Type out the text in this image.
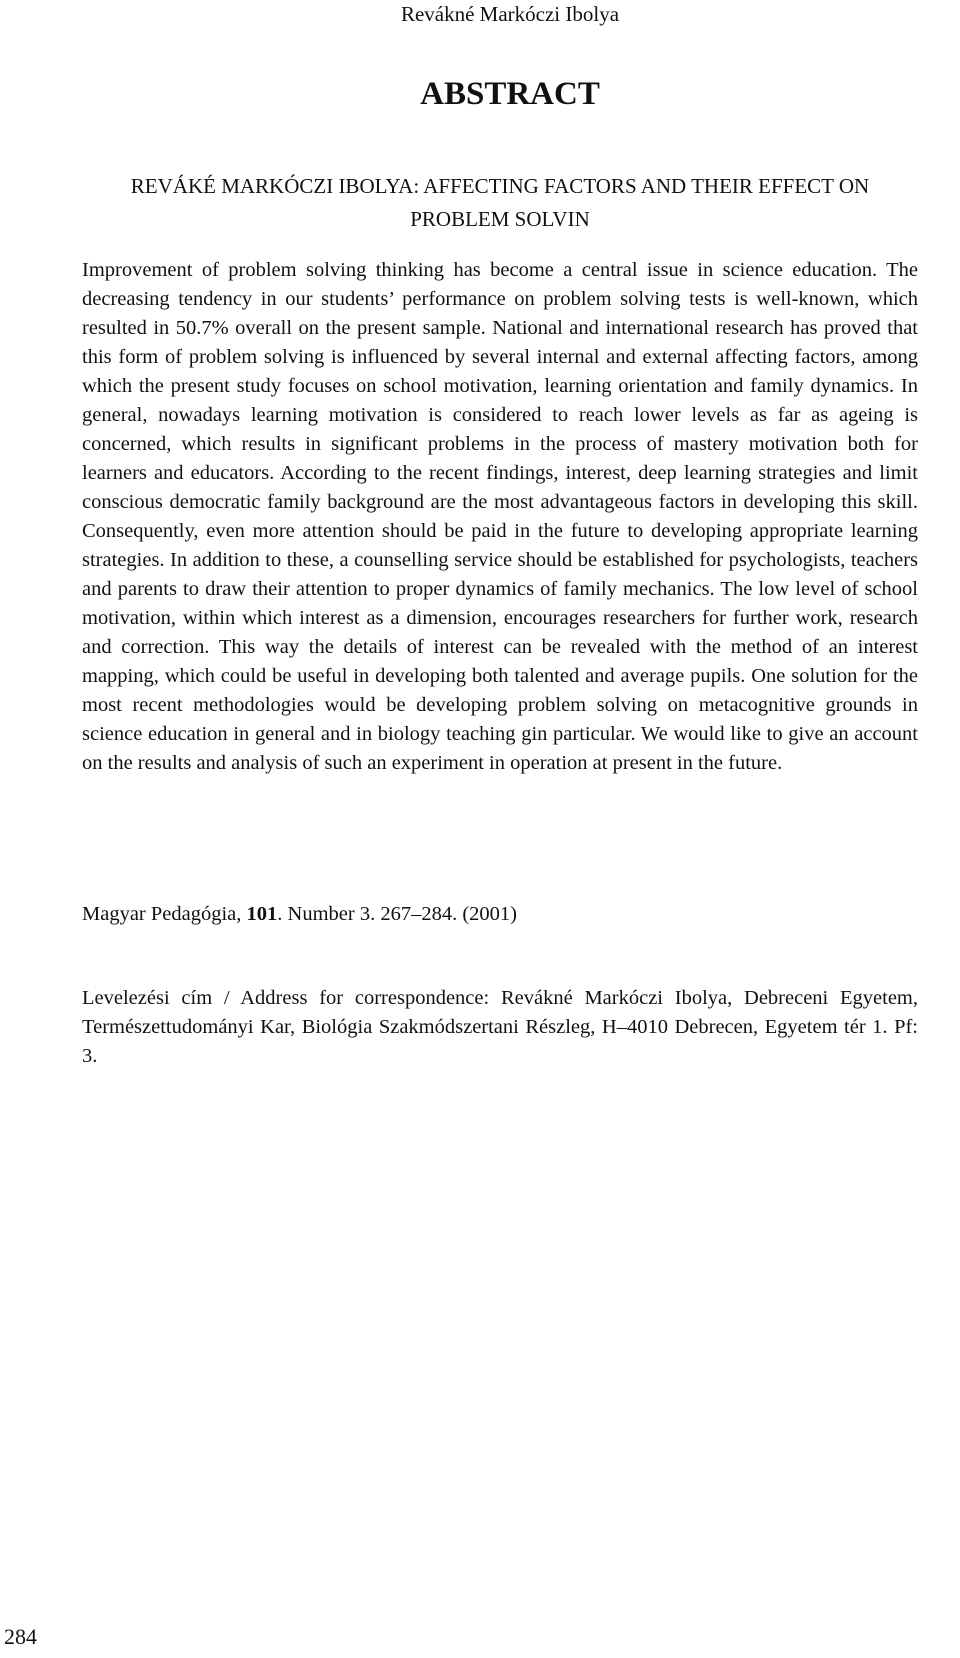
Revákné Markóczi Ibolya
ABSTRACT
REVÁKÉ MARKÓCZI IBOLYA: AFFECTING FACTORS AND THEIR EFFECT ON PROBLEM SOLVIN

Improvement of problem solving thinking has become a central issue in science education. The decreasing tendency in our students’ performance on problem solving tests is well-known, which resulted in 50.7% overall on the present sample. National and international research has proved that this form of problem solving is influenced by several internal and external affecting factors, among which the present study focuses on school motivation, learning orientation and family dynamics. In general, nowadays learning motivation is considered to reach lower levels as far as ageing is concerned, which results in significant problems in the process of mastery motivation both for learners and educators. According to the recent findings, interest, deep learning strategies and limit conscious democratic family background are the most advantageous factors in developing this skill. Consequently, even more attention should be paid in the future to developing appropriate learning strategies. In addition to these, a counselling service should be established for psychologists, teachers and parents to draw their attention to proper dynamics of family mechanics. The low level of school motivation, within which interest as a dimension, encourages researchers for further work, research and correction. This way the details of interest can be revealed with the method of an interest mapping, which could be useful in developing both talented and average pupils. One solution for the most recent methodologies would be developing problem solving on metacognitive grounds in science education in general and in biology teaching gin particular. We would like to give an account on the results and analysis of such an experiment in operation at present in the future.

Magyar Pedagógia, 101. Number 3. 267–284. (2001)

Levelezési cím / Address for correspondence: Revákné Markóczi Ibolya, Debreceni Egyetem, Természettudományi Kar, Biológia Szakmódszertani Részleg, H–4010 Debrecen, Egyetem tér 1. Pf: 3.

284
